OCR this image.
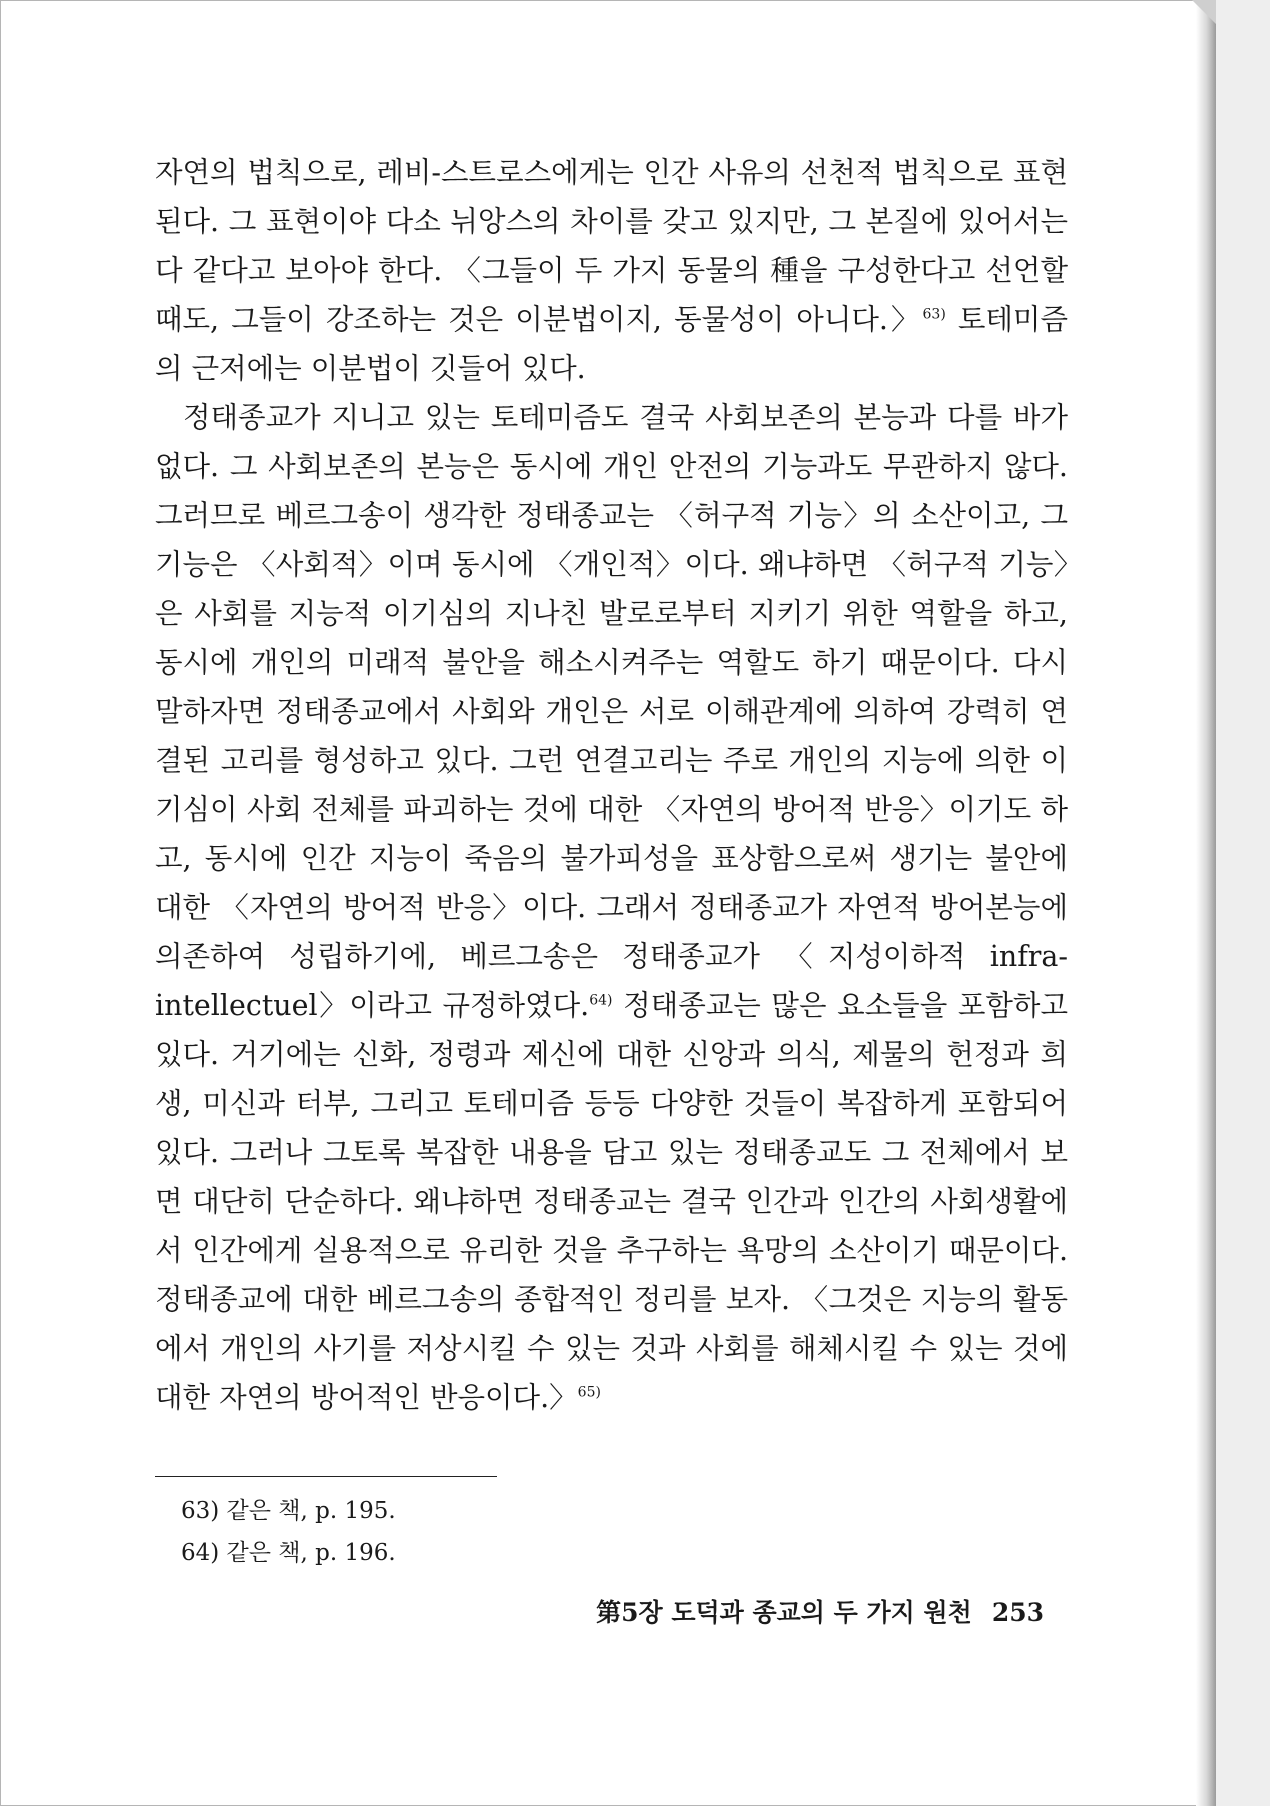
자연의 법칙으로, 레비-스트로스에게는 인간 사유의 선천적 법칙으로 표현된다. 그 표현이야 다소 뉘앙스의 차이를 갖고 있지만, 그 본질에 있어서는 다 같다고 보아야 한다. 〈그들이 두 가지 동물의 種을 구성한다고 선언할 때도, 그들이 강조하는 것은 이분법이지, 동물성이 아니다.〉$^{63)}$ 토테미즘의 근저에는 이분법이 깃들어 있다.

정태종교가 지니고 있는 토테미즘도 결국 사회보존의 본능과 다를 바가 없다. 그 사회보존의 본능은 동시에 개인 안전의 기능과도 무관하지 않다. 그러므로 베르그송이 생각한 정태종교는 〈허구적 기능〉의 소산이고, 그 기능은 〈사회적〉이며 동시에 〈개인적〉이다. 왜냐하면 〈허구적 기능〉은 사회를 지능적 이기심의 지나친 발로로부터 지키기 위한 역할을 하고, 동시에 개인의 미래적 불안을 해소시켜주는 역할도 하기 때문이다. 다시 말하자면 정태종교에서 사회와 개인은 서로 이해관계에 의하여 강력히 연결된 고리를 형성하고 있다. 그런 연결고리는 주로 개인의 지능에 의한 이기심이 사회 전체를 파괴하는 것에 대한 〈자연의 방어적 반응〉이기도 하고, 동시에 인간 지능이 죽음의 불가피성을 표상함으로써 생기는 불안에 대한 〈자연의 방어적 반응〉이다. 그래서 정태종교가 자연적 방어본능에 의존하여 성립하기에, 베르그송은 정태종교가 〈지성이하적 infra-intellectuel〉이라고 규정하였다.$^{64)}$ 정태종교는 많은 요소들을 포함하고 있다. 거기에는 신화, 정령과 제신에 대한 신앙과 의식, 제물의 헌정과 희생, 미신과 터부, 그리고 토테미즘 등등 다양한 것들이 복잡하게 포함되어 있다. 그러나 그토록 복잡한 내용을 담고 있는 정태종교도 그 전체에서 보면 대단히 단순하다. 왜냐하면 정태종교는 결국 인간과 인간의 사회생활에서 인간에게 실용적으로 유리한 것을 추구하는 욕망의 소산이기 때문이다. 정태종교에 대한 베르그송의 종합적인 정리를 보자. 〈그것은 지능의 활동에서 개인의 사기를 저상시킬 수 있는 것과 사회를 해체시킬 수 있는 것에 대한 자연의 방어적인 반응이다.〉$^{65)}$

63) 같은 책, p. 195.

64) 같은 책, p. 196.

第5장 도덕과 종교의 두 가지 원천 253
